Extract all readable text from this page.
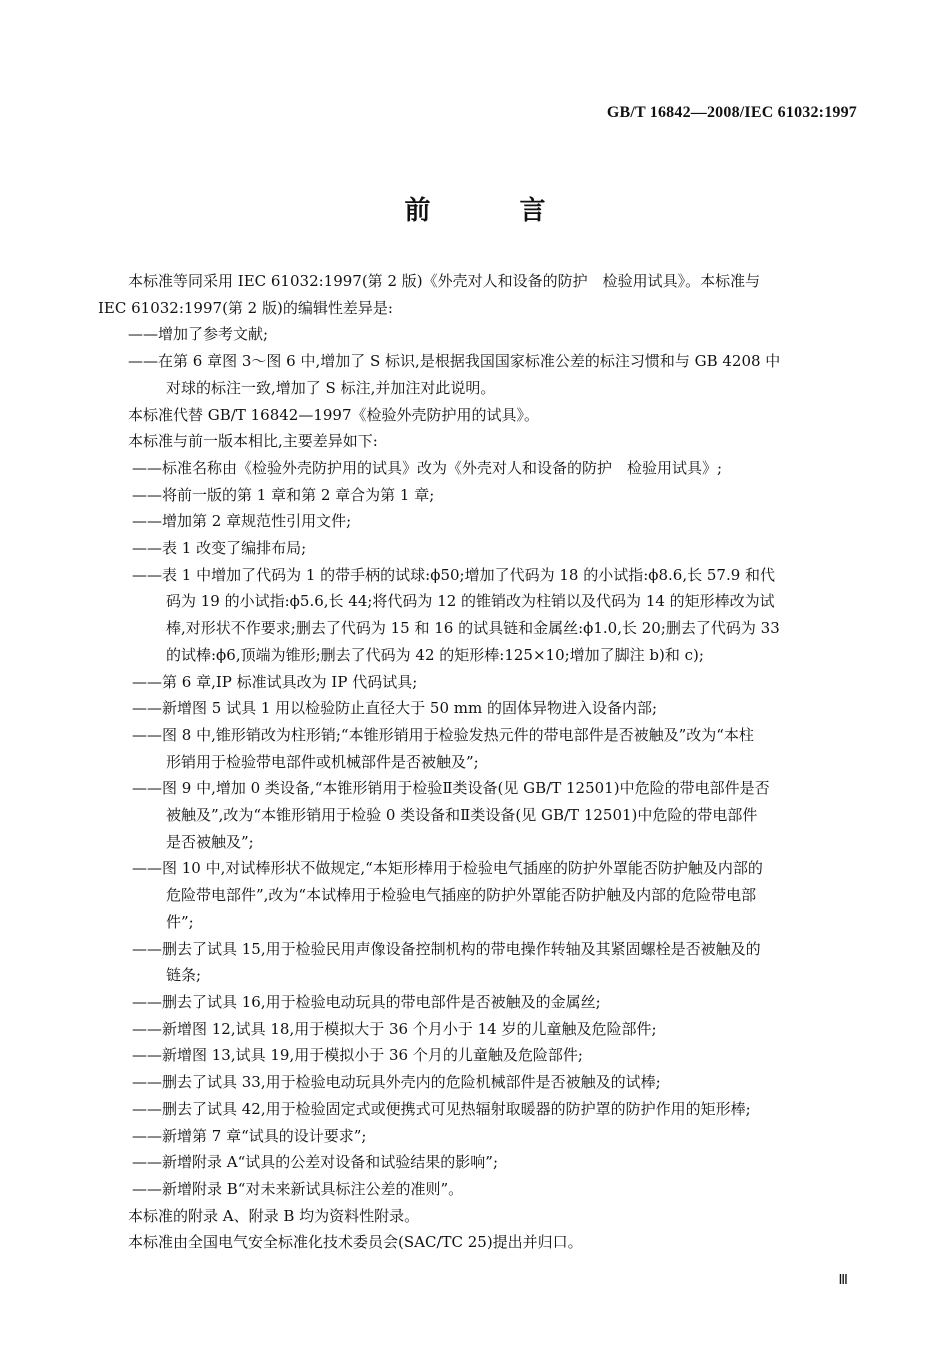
GB/T 16842—2008/IEC 61032:1997
前 言
本标准等同采用 IEC 61032:1997(第 2 版)《外壳对人和设备的防护　检验用试具》。本标准与
IEC 61032:1997(第 2 版)的编辑性差异是:
——增加了参考文献;
——在第 6 章图 3～图 6 中,增加了 S 标识,是根据我国国家标准公差的标注习惯和与 GB 4208 中
对球的标注一致,增加了 S 标注,并加注对此说明。
本标准代替 GB/T 16842—1997《检验外壳防护用的试具》。
本标准与前一版本相比,主要差异如下:
——标准名称由《检验外壳防护用的试具》改为《外壳对人和设备的防护　检验用试具》;
——将前一版的第 1 章和第 2 章合为第 1 章;
——增加第 2 章规范性引用文件;
——表 1 改变了编排布局;
——表 1 中增加了代码为 1 的带手柄的试球:ϕ50;增加了代码为 18 的小试指:ϕ8.6,长 57.9 和代
码为 19 的小试指:ϕ5.6,长 44;将代码为 12 的锥销改为柱销以及代码为 14 的矩形棒改为试
棒,对形状不作要求;删去了代码为 15 和 16 的试具链和金属丝:ϕ1.0,长 20;删去了代码为 33
的试棒:ϕ6,顶端为锥形;删去了代码为 42 的矩形棒:125×10;增加了脚注 b)和 c);
——第 6 章,IP 标准试具改为 IP 代码试具;
——新增图 5 试具 1 用以检验防止直径大于 50 mm 的固体异物进入设备内部;
——图 8 中,锥形销改为柱形销;“本锥形销用于检验发热元件的带电部件是否被触及”改为“本柱
形销用于检验带电部件或机械部件是否被触及”;
——图 9 中,增加 0 类设备,“本锥形销用于检验Ⅱ类设备(见 GB/T 12501)中危险的带电部件是否
被触及”,改为“本锥形销用于检验 0 类设备和Ⅱ类设备(见 GB/T 12501)中危险的带电部件
是否被触及”;
——图 10 中,对试棒形状不做规定,“本矩形棒用于检验电气插座的防护外罩能否防护触及内部的
危险带电部件”,改为“本试棒用于检验电气插座的防护外罩能否防护触及内部的危险带电部
件”;
——删去了试具 15,用于检验民用声像设备控制机构的带电操作转轴及其紧固螺栓是否被触及的
链条;
——删去了试具 16,用于检验电动玩具的带电部件是否被触及的金属丝;
——新增图 12,试具 18,用于模拟大于 36 个月小于 14 岁的儿童触及危险部件;
——新增图 13,试具 19,用于模拟小于 36 个月的儿童触及危险部件;
——删去了试具 33,用于检验电动玩具外壳内的危险机械部件是否被触及的试棒;
——删去了试具 42,用于检验固定式或便携式可见热辐射取暖器的防护罩的防护作用的矩形棒;
——新增第 7 章“试具的设计要求”;
——新增附录 A“试具的公差对设备和试验结果的影响”;
——新增附录 B“对未来新试具标注公差的准则”。
本标准的附录 A、附录 B 均为资料性附录。
本标准由全国电气安全标准化技术委员会(SAC/TC 25)提出并归口。
Ⅲ
